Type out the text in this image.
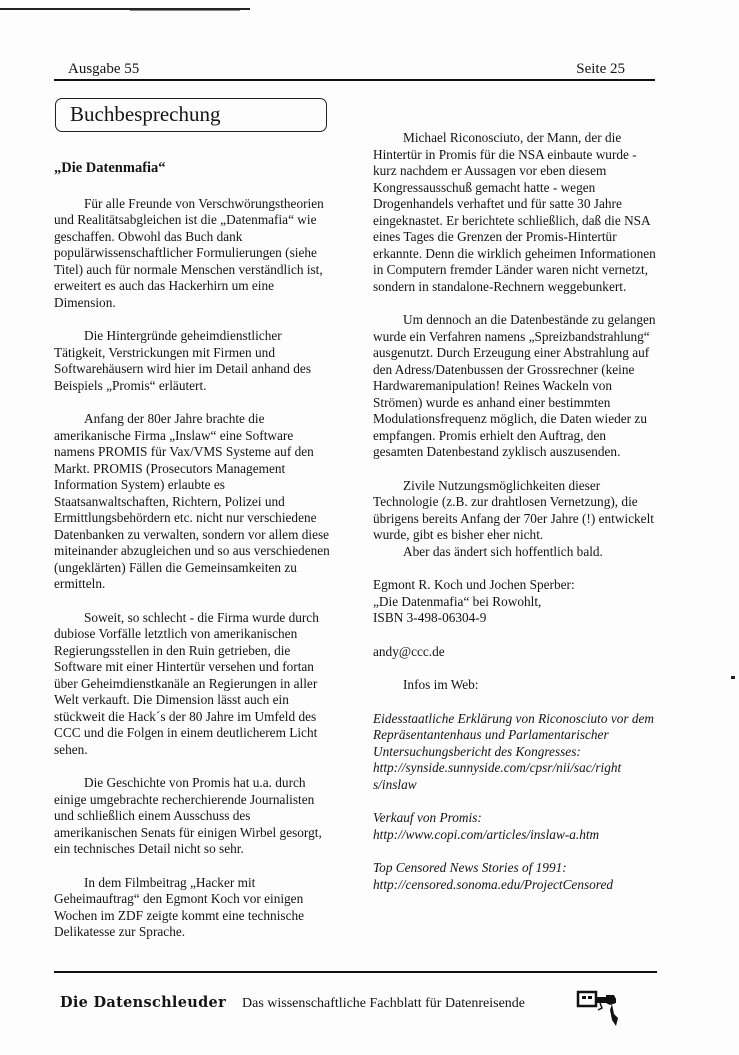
Ausgabe 55	Seite 25
Buchbesprechung

„Die Datenmafia“

Für alle Freunde von Verschwörungstheorien und Realitätsabgleichen ist die „Datenmafia“ wie geschaffen. Obwohl das Buch dank populärwissenschaftlicher Formulierungen (siehe Titel) auch für normale Menschen verständlich ist, erweitert es auch das Hackerhirn um eine Dimension.

Die Hintergründe geheimdienstlicher Tätigkeit, Verstrickungen mit Firmen und Softwarehäusern wird hier im Detail anhand des Beispiels „Promis“ erläutert.

Anfang der 80er Jahre brachte die amerikanische Firma „Inslaw“ eine Software namens PROMIS für Vax/VMS Systeme auf den Markt. PROMIS (Prosecutors Management Information System) erlaubte es Staatsanwaltschaften, Richtern, Polizei und Ermittlungsbehördern etc. nicht nur verschiedene Datenbanken zu verwalten, sondern vor allem diese miteinander abzugleichen und so aus verschiedenen (ungeklärten) Fällen die Gemeinsamkeiten zu ermitteln.

Soweit, so schlecht - die Firma wurde durch dubiose Vorfälle letztlich von amerikanischen Regierungsstellen in den Ruin getrieben, die Software mit einer Hintertür versehen und fortan über Geheimdienstkanäle an Regierungen in aller Welt verkauft. Die Dimension lässt auch ein stückweit die Hack´s der 80 Jahre im Umfeld des CCC und die Folgen in einem deutlicherem Licht sehen.

Die Geschichte von Promis hat u.a. durch einige umgebrachte recherchierende Journalisten und schließlich einem Ausschuss des amerikanischen Senats für einigen Wirbel gesorgt, ein technisches Detail nicht so sehr.

In dem Filmbeitrag „Hacker mit Geheimauftrag“ den Egmont Koch vor einigen Wochen im ZDF zeigte kommt eine technische Delikatesse zur Sprache.

Michael Riconosciuto, der Mann, der die Hintertür in Promis für die NSA einbaute wurde - kurz nachdem er Aussagen vor eben diesem Kongressausschuß gemacht hatte - wegen Drogenhandels verhaftet und für satte 30 Jahre eingeknastet. Er berichtete schließlich, daß die NSA eines Tages die Grenzen der Promis-Hintertür erkannte. Denn die wirklich geheimen Informationen in Computern fremder Länder waren nicht vernetzt, sondern in standalone-Rechnern weggebunkert.

Um dennoch an die Datenbestände zu gelangen wurde ein Verfahren namens „Spreizbandstrahlung“ ausgenutzt. Durch Erzeugung einer Abstrahlung auf den Adress/Datenbussen der Grossrechner (keine Hardwaremanipulation! Reines Wackeln von Strömen) wurde es anhand einer bestimmten Modulationsfrequenz möglich, die Daten wieder zu empfangen. Promis erhielt den Auftrag, den gesamten Datenbestand zyklisch auszusenden.

Zivile Nutzungsmöglichkeiten dieser Technologie (z.B. zur drahtlosen Vernetzung), die übrigens bereits Anfang der 70er Jahre (!) entwickelt wurde, gibt es bisher eher nicht.

Aber das ändert sich hoffentlich bald.

Egmont R. Koch und Jochen Sperber:
„Die Datenmafia“ bei Rowohlt,
ISBN 3-498-06304-9

andy@ccc.de

Infos im Web:

Eidesstaatliche Erklärung von Riconosciuto vor dem Repräsentantenhaus und Parlamentarischer Untersuchungsbericht des Kongresses: http://synside.sunnyside.com/cpsr/nii/sac/right s/inslaw

Verkauf von Promis:
http://www.copi.com/articles/inslaw-a.htm

Top Censored News Stories of 1991:
http://censored.sonoma.edu/ProjectCensored

Die Datenschleuder Das wissenschaftliche Fachblatt für Datenreisende
